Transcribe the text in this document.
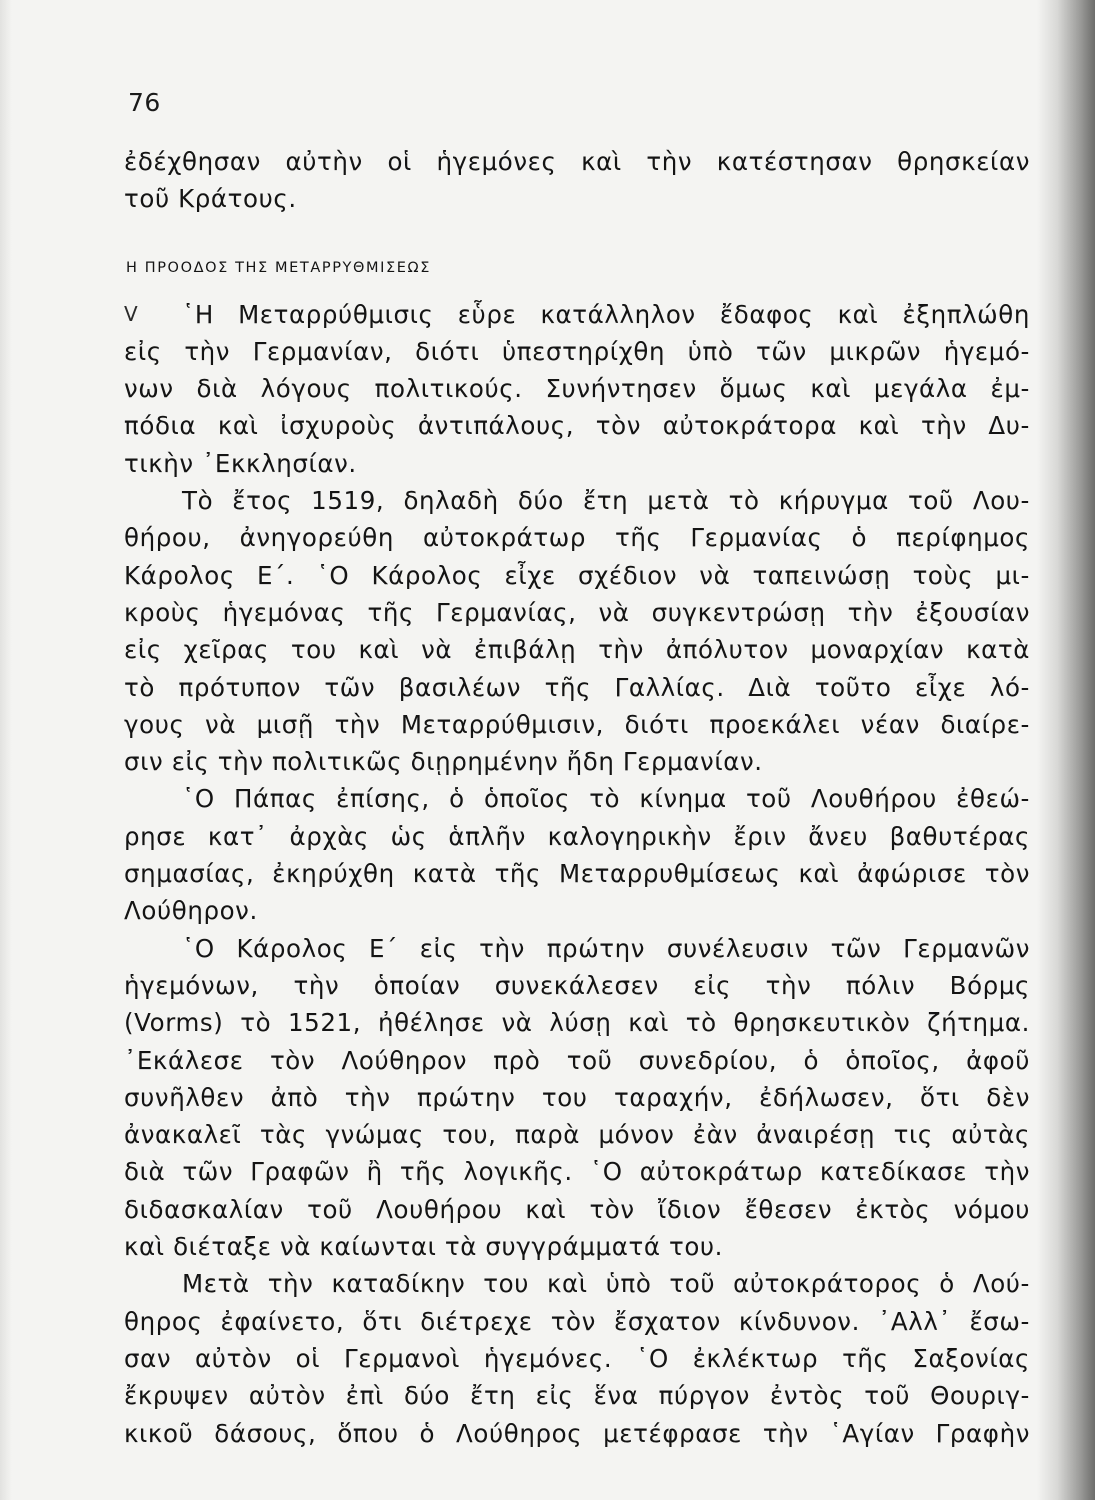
76
V
ἐδέχθησαν αὐτὴν οἱ ἡγεμόνες καὶ τὴν κατέστησαν θρησκείαν
τοῦ Κράτους.
Η ΠΡΟΟΔΟΣ ΤΗΣ ΜΕΤΑΡΡΥΘΜΙΣΕΩΣ
῾Η Μεταρρύθμισις εὗρε κατάλληλον ἔδαφος καὶ ἐξηπλώθη
εἰς τὴν Γερμανίαν, διότι ὑπεστηρίχθη ὑπὸ τῶν μικρῶν ἡγεμό-
νων διὰ λόγους πολιτικούς. Συνήντησεν ὅμως καὶ μεγάλα ἐμ-
πόδια καὶ ἰσχυροὺς ἀντιπάλους, τὸν αὐτοκράτορα καὶ τὴν Δυ-
τικὴν ᾿Εκκλησίαν.
Τὸ ἔτος 1519, δηλαδὴ δύο ἔτη μετὰ τὸ κήρυγμα τοῦ Λου-
θήρου, ἀνηγορεύθη αὐτοκράτωρ τῆς Γερμανίας ὁ περίφημος
Κάρολος Ε΄. ῾Ο Κάρολος εἶχε σχέδιον νὰ ταπεινώσῃ τοὺς μι-
κροὺς ἡγεμόνας τῆς Γερμανίας, νὰ συγκεντρώσῃ τὴν ἐξουσίαν
εἰς χεῖρας του καὶ νὰ ἐπιβάλῃ τὴν ἀπόλυτον μοναρχίαν κατὰ
τὸ πρότυπον τῶν βασιλέων τῆς Γαλλίας. Διὰ τοῦτο εἶχε λό-
γους νὰ μισῇ τὴν Μεταρρύθμισιν, διότι προεκάλει νέαν διαίρε-
σιν εἰς τὴν πολιτικῶς διῃρημένην ἤδη Γερμανίαν.
῾Ο Πάπας ἐπίσης, ὁ ὁποῖος τὸ κίνημα τοῦ Λουθήρου ἐθεώ-
ρησε κατ᾿ ἀρχὰς ὡς ἁπλῆν καλογηρικὴν ἔριν ἄνευ βαθυτέρας
σημασίας, ἐκηρύχθη κατὰ τῆς Μεταρρυθμίσεως καὶ ἀφώρισε τὸν
Λούθηρον.
῾Ο Κάρολος Ε΄ εἰς τὴν πρώτην συνέλευσιν τῶν Γερμανῶν
ἡγεμόνων, τὴν ὁποίαν συνεκάλεσεν εἰς τὴν πόλιν Βόρμς
(Vorms) τὸ 1521, ἠθέλησε νὰ λύσῃ καὶ τὸ θρησκευτικὸν ζήτημα.
᾿Εκάλεσε τὸν Λούθηρον πρὸ τοῦ συνεδρίου, ὁ ὁποῖος, ἀφοῦ
συνῆλθεν ἀπὸ τὴν πρώτην του ταραχήν, ἐδήλωσεν, ὅτι δὲν
ἀνακαλεῖ τὰς γνώμας του, παρὰ μόνον ἐὰν ἀναιρέσῃ τις αὐτὰς
διὰ τῶν Γραφῶν ἢ τῆς λογικῆς. ῾Ο αὐτοκράτωρ κατεδίκασε τὴν
διδασκαλίαν τοῦ Λουθήρου καὶ τὸν ἴδιον ἔθεσεν ἐκτὸς νόμου
καὶ διέταξε νὰ καίωνται τὰ συγγράμματά του.
Μετὰ τὴν καταδίκην του καὶ ὑπὸ τοῦ αὐτοκράτορος ὁ Λού-
θηρος ἐφαίνετο, ὅτι διέτρεχε τὸν ἔσχατον κίνδυνον. ᾿Αλλ᾿ ἔσω-
σαν αὐτὸν οἱ Γερμανοὶ ἡγεμόνες. ῾Ο ἐκλέκτωρ τῆς Σαξονίας
ἔκρυψεν αὐτὸν ἐπὶ δύο ἔτη εἰς ἕνα πύργον ἐντὸς τοῦ Θουριγ-
κικοῦ δάσους, ὅπου ὁ Λούθηρος μετέφρασε τὴν ῾Αγίαν Γραφὴν
